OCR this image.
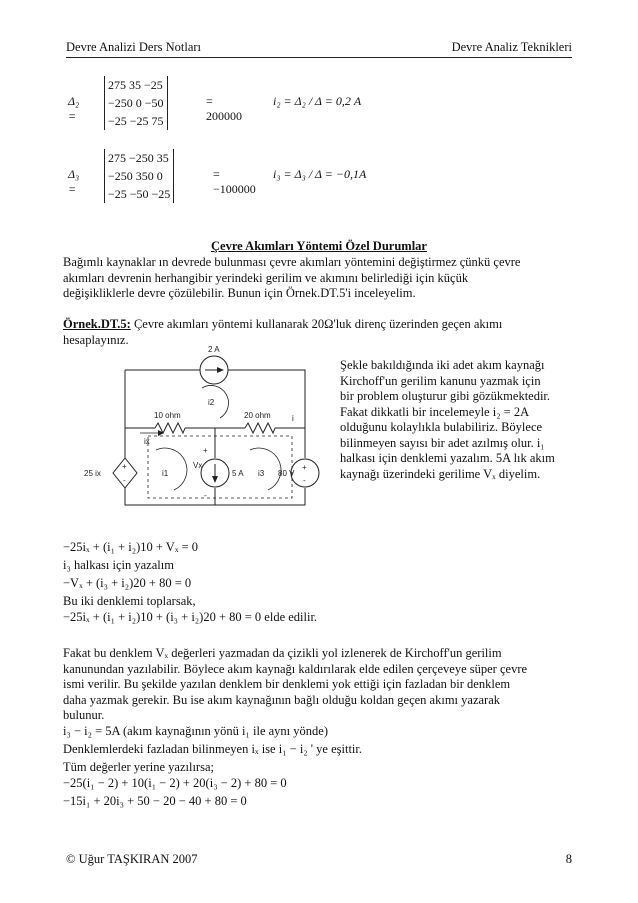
Devre Analizi Ders Notları	Devre Analiz Teknikleri
Δ₂ =
275 35 −25
−250 0 −50
−25 −25 75
= 200000
i₂ = Δ₂ / Δ = 0,2 A
Δ₃ =
275 −250 35
−250 350 0
−25 −50 −25
= −100000
i₃ = Δ₃ / Δ = −0,1A
Çevre Akımları Yöntemi Özel Durumlar

Bağımlı kaynaklar ın devrede bulunması çevre akımları yöntemini değiştirmez çünkü çevre

akımları devrenin herhangibir yerindeki gerilim ve akımını belirlediği için küçük

değişikliklerle devre çözülebilir. Bunun için Örnek.DT.5'i inceleyelim.

Örnek.DT.5: Çevre akımları yöntemi kullanarak 20Ω'luk direnç üzerinden geçen akımı

hesaplayınız.

2 A
i2
10 ohm	20 ohm	i
ix
+
-
25 ix	i1	5 A
Vx
+
-
i3
+
-
80 V

Şekle bakıldığında iki adet akım kaynağı

Kirchoff'un gerilim kanunu yazmak için

bir problem oluşturur gibi gözükmektedir.

Fakat dikkatli bir incelemeyle i₂ = 2A

olduğunu kolaylıkla bulabiliriz. Böylece

bilinmeyen sayısı bir adet azılmış olur. i₁

halkası için denklemi yazalım. 5A lık akım

kaynağı üzerindeki gerilime Vₓ diyelim.

−25iₓ + (i₁ + i₂)10 + Vₓ = 0
i₃ halkası için yazalım
−Vₓ + (i₃ + i₂)20 + 80 = 0
Bu iki denklemi toplarsak,
−25iₓ + (i₁ + i₂)10 + (i₃ + i₂)20 + 80 = 0 elde edilir.

Fakat bu denklem Vₓ değerleri yazmadan da çizikli yol izlenerek de Kirchoff'un gerilim

kanunundan yazılabilir. Böylece akım kaynağı kaldırılarak elde edilen çerçeveye süper çevre

ismi verilir. Bu şekilde yazılan denklem bir denklemi yok ettiği için fazladan bir denklem

daha yazmak gerekir. Bu ise akım kaynağının bağlı olduğu koldan geçen akımı yazarak

bulunur.

i₃ − i₂ = 5A (akım kaynağının yönü i₁ ile aynı yönde)
Denklemlerdeki fazladan bilinmeyen iₓ ise i₁ − i₂ ' ye eşittir.
Tüm değerler yerine yazılırsa;
−25(i₁ − 2) + 10(i₁ − 2) + 20(i₃ − 2) + 80 = 0
−15i₁ + 20i₃ + 50 − 20 − 40 + 80 = 0
© Uğur TAŞKIRAN 2007	8
